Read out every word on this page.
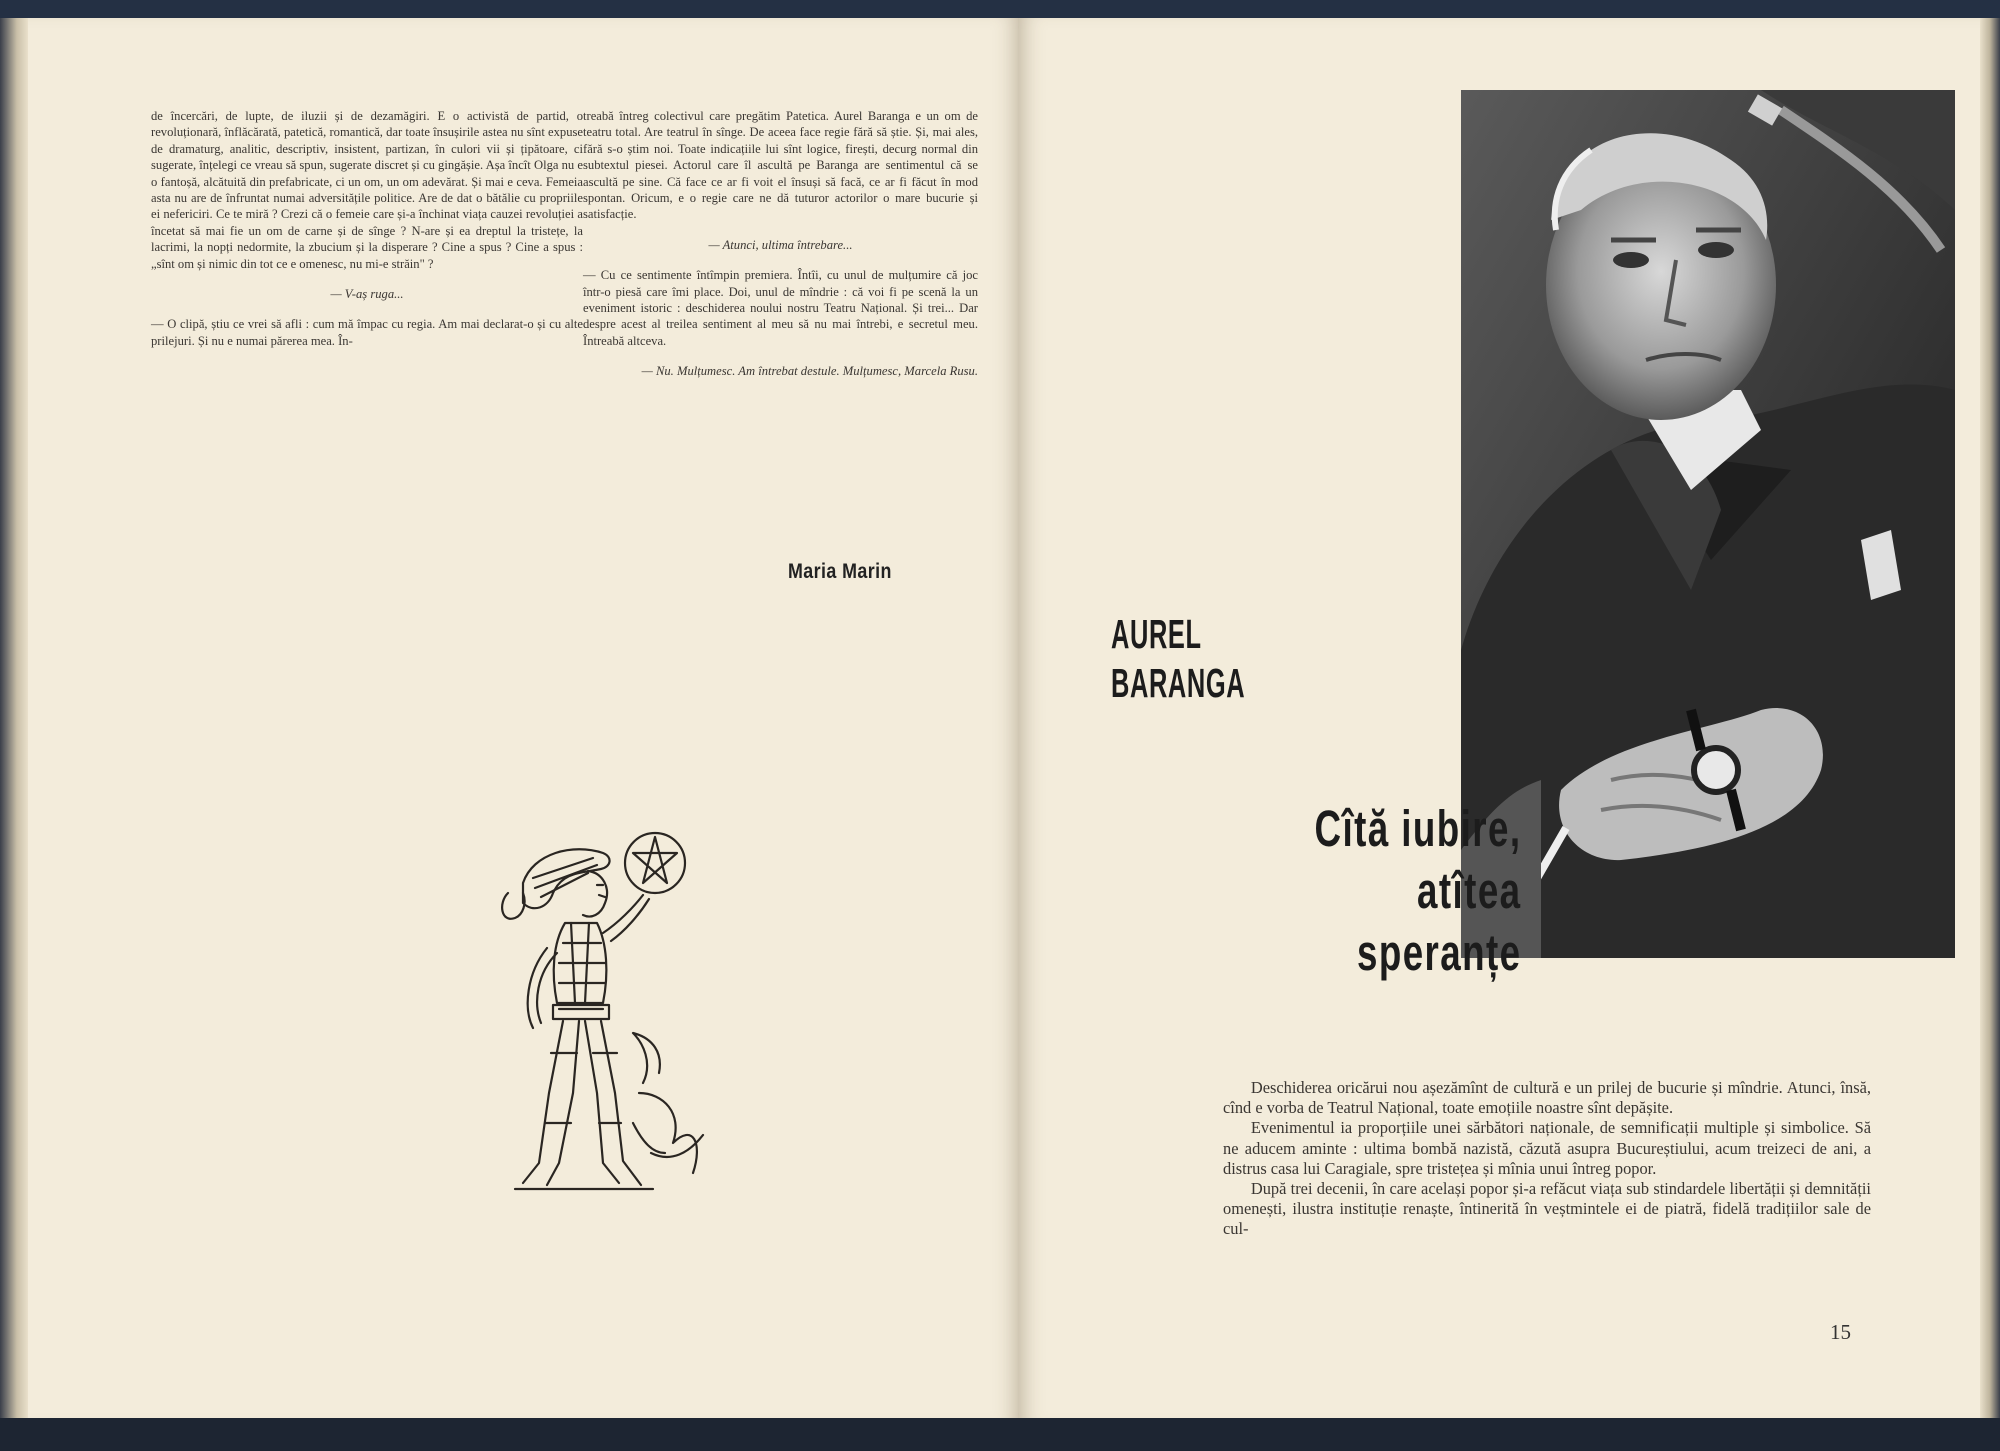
de încercări, de lupte, de iluzii și de dezamăgiri. E o activistă de partid, o revoluționară, înflăcărată, patetică, romantică, dar toate însușirile astea nu sînt expuse de dramaturg, analitic, descriptiv, insistent, partizan, în culori vii și țipătoare, ci sugerate, înțelegi ce vreau să spun, sugerate discret și cu gingășie. Așa încît Olga nu e o fantoșă, alcătuită din prefabricate, ci un om, un om adevărat. Și mai e ceva. Femeia asta nu are de înfruntat numai adversitățile politice. Are de dat o bătălie cu propriile ei nefericiri. Ce te miră ? Crezi că o femeie care și-a închinat viața cauzei revoluției a încetat să mai fie un om de carne și de sînge ? N-are și ea dreptul la tristețe, la lacrimi, la nopți nedormite, la zbucium și la disperare ? Cine a spus ? Cine a spus : „sînt om și nimic din tot ce e omenesc, nu mi-e străin" ?

— V-aș ruga...

— O clipă, știu ce vrei să afli : cum mă împac cu regia. Am mai declarat-o și cu alte prilejuri. Și nu e numai părerea mea. În-

treabă întreg colectivul care pregătim Patetica. Aurel Baranga e un om de teatru total. Are teatrul în sînge. De aceea face regie fără să știe. Și, mai ales, fără s-o știm noi. Toate indicațiile lui sînt logice, firești, decurg normal din subtextul piesei. Actorul care îl ascultă pe Baranga are sentimentul că se ascultă pe sine. Că face ce ar fi voit el însuși să facă, ce ar fi făcut în mod spontan. Oricum, e o regie care ne dă tuturor actorilor o mare bucurie și satisfacție.

— Atunci, ultima întrebare...

— Cu ce sentimente întîmpin premiera. Întîi, cu unul de mulțumire că joc într-o piesă care îmi place. Doi, unul de mîndrie : că voi fi pe scenă la un eveniment istoric : deschiderea noului nostru Teatru Național. Și trei... Dar despre acest al treilea sentiment al meu să nu mai întrebi, e secretul meu. Întreabă altceva.

— Nu. Mulțumesc. Am întrebat destule. Mulțumesc, Marcela Rusu.

Maria Marin
AUREL
BARANGA
Cîtă iubire,
atîtea
speranțe

Deschiderea oricărui nou așezămînt de cultură e un prilej de bucurie și mîndrie. Atunci, însă, cînd e vorba de Teatrul Național, toate emoțiile noastre sînt depășite.

Evenimentul ia proporțiile unei sărbători naționale, de semnificații multiple și simbolice. Să ne aducem aminte : ultima bombă nazistă, căzută asupra Bucureștiului, acum treizeci de ani, a distrus casa lui Caragiale, spre tristețea și mînia unui întreg popor.

După trei decenii, în care același popor și-a refăcut viața sub stindardele libertății și demnității omenești, ilustra instituție renaște, întinerită în veștmintele ei de piatră, fidelă tradițiilor sale de cul-

15
